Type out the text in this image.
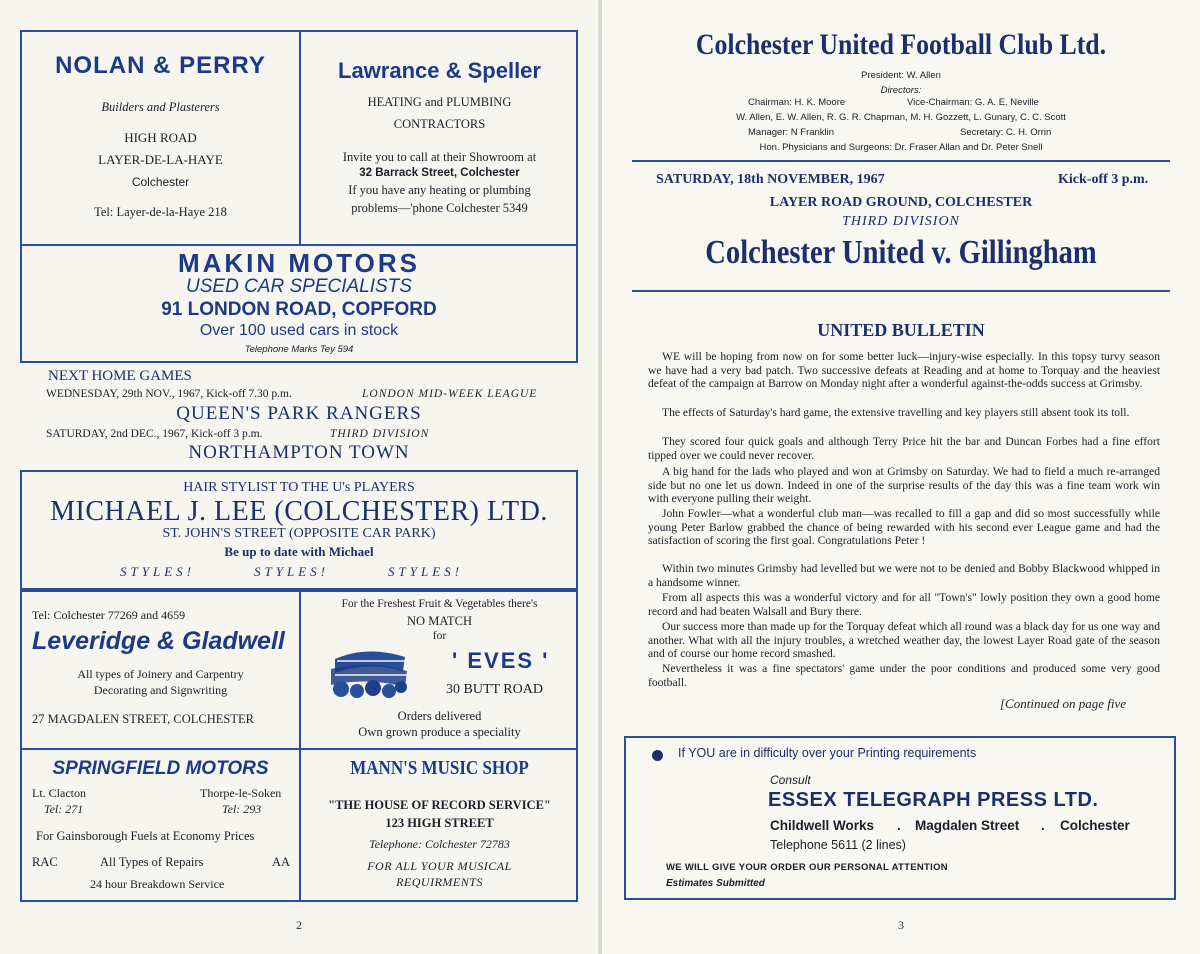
NOLAN & PERRY
Builders and Plasterers
HIGH ROAD
LAYER-DE-LA-HAYE
Colchester
Tel: Layer-de-la-Haye 218
Lawrance & Speller
HEATING and PLUMBING
CONTRACTORS
Invite you to call at their Showroom at
32 Barrack Street, Colchester
If you have any heating or plumbing
problems—'phone Colchester 5349
MAKIN MOTORS
USED CAR SPECIALISTS
91 LONDON ROAD, COPFORD
Over 100 used cars in stock
Telephone Marks Tey 594
NEXT HOME GAMES
WEDNESDAY, 29th NOV., 1967, Kick-off 7.30 p.m.	LONDON MID-WEEK LEAGUE
QUEEN'S PARK RANGERS
SATURDAY, 2nd DEC., 1967, Kick-off 3 p.m.	THIRD DIVISION
NORTHAMPTON TOWN
HAIR STYLIST TO THE U's PLAYERS
MICHAEL J. LEE (COLCHESTER) LTD.
ST. JOHN'S STREET (OPPOSITE CAR PARK)
Be up to date with Michael
STYLES!	STYLES!	STYLES!
Tel: Colchester 77269 and 4659
Leveridge & Gladwell
All types of Joinery and Carpentry
Decorating and Signwriting
27 MAGDALEN STREET, COLCHESTER
For the Freshest Fruit & Vegetables there's
NO MATCH
for
' EVES '
30 BUTT ROAD
Orders delivered
Own grown produce a speciality
SPRINGFIELD MOTORS
Lt. Clacton
Tel: 271
Thorpe-le-Soken
Tel: 293
For Gainsborough Fuels at Economy Prices
RAC	All Types of Repairs	AA
24 hour Breakdown Service
MANN'S MUSIC SHOP
"THE HOUSE OF RECORD SERVICE"
123 HIGH STREET
Telephone: Colchester 72783
FOR ALL YOUR MUSICAL
REQUIRMENTS
2
Colchester United Football Club Ltd.
President: W. Allen
Directors:
Chairman: H. K. Moore	Vice-Chairman: G. A. E. Neville
W. Allen, E. W. Allen, R. G. R. Chapman, M. H. Gozzett, L. Gunary, C. C. Scott
Manager: N Franklin	Secretary: C. H. Orrin
Hon. Physicians and Surgeons: Dr. Fraser Allan and Dr. Peter Snell
SATURDAY, 18th NOVEMBER, 1967	Kick-off 3 p.m.
LAYER ROAD GROUND, COLCHESTER
THIRD DIVISION
Colchester United v. Gillingham
UNITED BULLETIN
3
WE will be hoping from now on for some better luck—injury-wise especially. In this topsy turvy season we have had a very bad patch. Two successive defeats at Reading and at home to Torquay and the heaviest defeat of the campaign at Barrow on Monday night after a wonderful against-the-odds success at Grimsby.
The effects of Saturday's hard game, the extensive travelling and key players still absent took its toll.
They scored four quick goals and although Terry Price hit the bar and Duncan Forbes had a fine effort tipped over we could never recover.
A big hand for the lads who played and won at Grimsby on Saturday. We had to field a much re-arranged side but no one let us down. Indeed in one of the surprise results of the day this was a fine team work win with everyone pulling their weight.
John Fowler—what a wonderful club man—was recalled to fill a gap and did so most successfully while young Peter Barlow grabbed the chance of being rewarded with his second ever League game and had the satisfaction of scoring the first goal. Congratulations Peter !
Within two minutes Grimsby had levelled but we were not to be denied and Bobby Blackwood whipped in a handsome winner.
From all aspects this was a wonderful victory and for all "Town's" lowly position they own a good home record and had beaten Walsall and Bury there.
Our success more than made up for the Torquay defeat which all round was a black day for us one way and another. What with all the injury troubles, a wretched weather day, the lowest Layer Road gate of the season and of course our home record smashed.
Nevertheless it was a fine spectators' game under the poor conditions and produced some very good football.
[Continued on page five
If YOU are in difficulty over your Printing requirements
Consult
ESSEX TELEGRAPH PRESS LTD.
Childwell Works . Magdalen Street . Colchester
Telephone 5611 (2 lines)
WE WILL GIVE YOUR ORDER OUR PERSONAL ATTENTION
Estimates Submitted
